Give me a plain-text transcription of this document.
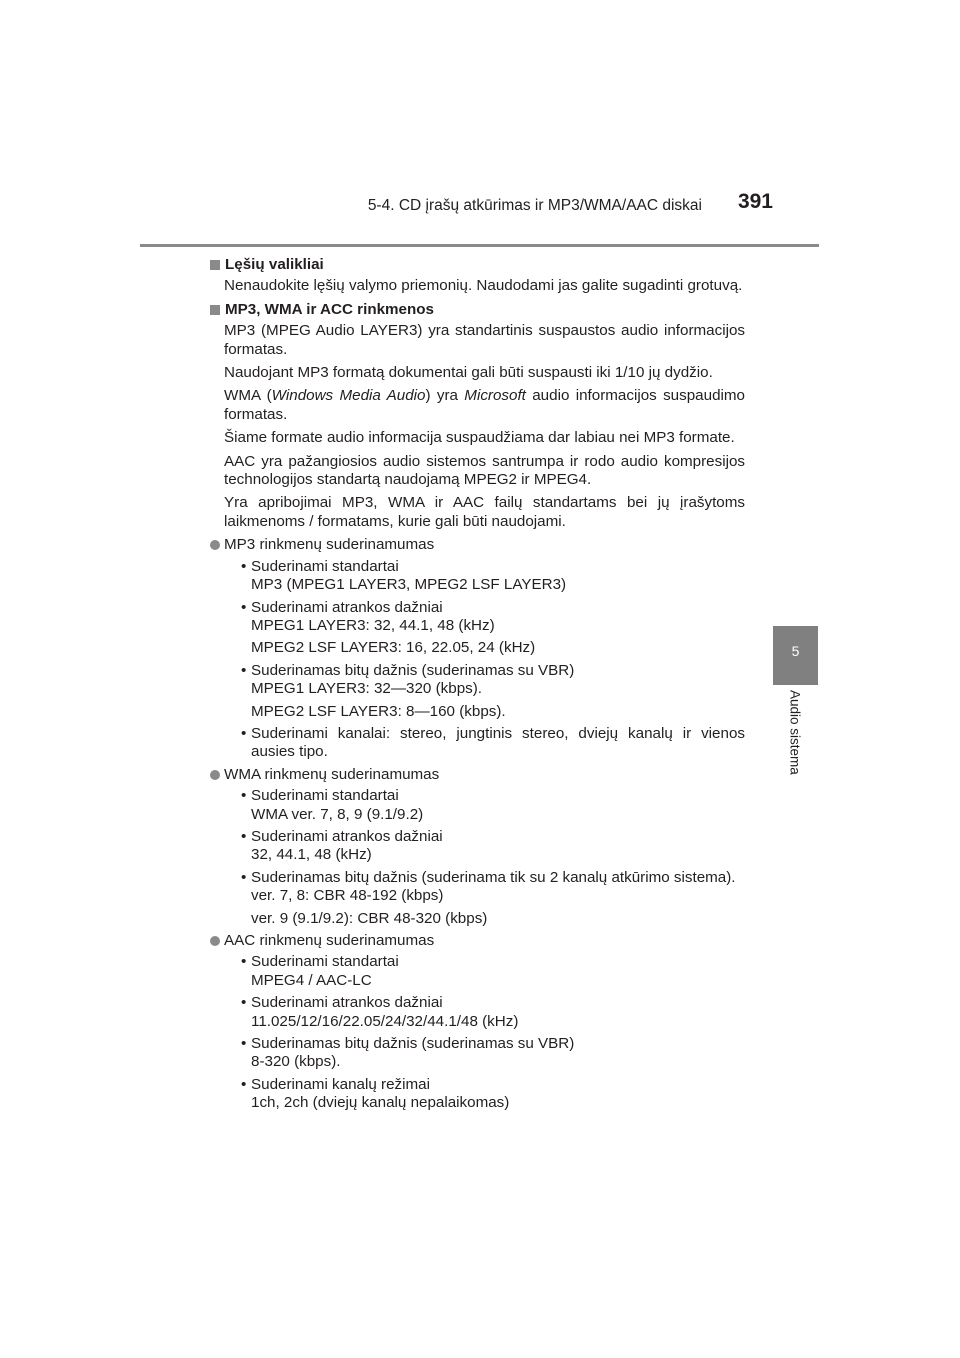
5-4. CD įrašų atkūrimas ir MP3/WMA/AAC diskai 391
5
Audio sistema
Lęšių valikliai
Nenaudokite lęšių valymo priemonių. Naudodami jas galite sugadinti grotuvą.
MP3, WMA ir ACC rinkmenos
MP3 (MPEG Audio LAYER3) yra standartinis suspaustos audio informacijos formatas.
Naudojant MP3 formatą dokumentai gali būti suspausti iki 1/10 jų dydžio.
WMA (Windows Media Audio) yra Microsoft audio informacijos suspaudimo formatas.
Šiame formate audio informacija suspaudžiama dar labiau nei MP3 formate.
AAC yra pažangiosios audio sistemos santrumpa ir rodo audio kompresijos technologijos standartą naudojamą MPEG2 ir MPEG4.
Yra apribojimai MP3, WMA ir AAC failų standartams bei jų įrašytoms laikmenoms / formatams, kurie gali būti naudojami.
MP3 rinkmenų suderinamumas
• Suderinami standartai
MP3 (MPEG1 LAYER3, MPEG2 LSF LAYER3)
• Suderinami atrankos dažniai
MPEG1 LAYER3: 32, 44.1, 48 (kHz)
MPEG2 LSF LAYER3: 16, 22.05, 24 (kHz)
• Suderinamas bitų dažnis (suderinamas su VBR)
MPEG1 LAYER3: 32—320 (kbps).
MPEG2 LSF LAYER3: 8—160 (kbps).
• Suderinami kanalai: stereo, jungtinis stereo, dviejų kanalų ir vienos ausies tipo.
WMA rinkmenų suderinamumas
• Suderinami standartai
WMA ver. 7, 8, 9 (9.1/9.2)
• Suderinami atrankos dažniai
32, 44.1, 48 (kHz)
• Suderinamas bitų dažnis (suderinama tik su 2 kanalų atkūrimo sistema).
ver. 7, 8: CBR 48-192 (kbps)
ver. 9 (9.1/9.2): CBR 48-320 (kbps)
AAC rinkmenų suderinamumas
• Suderinami standartai
MPEG4 / AAC-LC
• Suderinami atrankos dažniai
11.025/12/16/22.05/24/32/44.1/48 (kHz)
• Suderinamas bitų dažnis (suderinamas su VBR)
8-320 (kbps).
• Suderinami kanalų režimai
1ch, 2ch (dviejų kanalų nepalaikomas)
